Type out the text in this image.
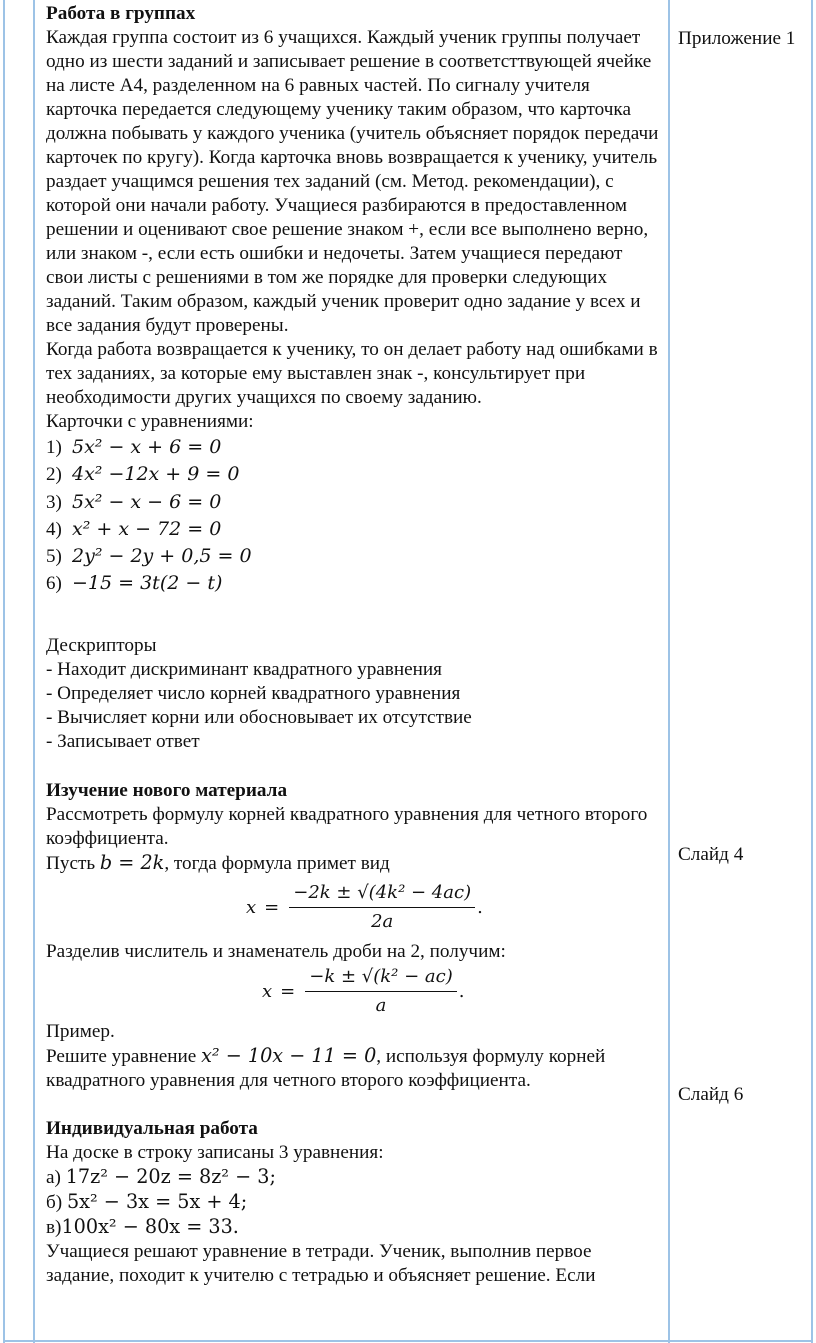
Работа в группах

Каждая группа состоит из 6 учащихся. Каждый ученик группы получает одно из шести заданий и записывает решение в соответсттвующей ячейке на листе А4, разделенном на 6 равных частей. По сигналу учителя карточка передается следующему ученику таким образом, что карточка должна побывать у каждого ученика (учитель объясняет порядок передачи карточек по кругу). Когда карточка вновь возвращается к ученику, учитель раздает учащимся решения тех заданий (см. Метод. рекомендации), с которой они начали работу. Учащиеся разбираются в предоставленном решении и оценивают свое решение знаком +, если все выполнено верно, или знаком -, если есть ошибки и недочеты. Затем учащиеся передают свои листы с решениями в том же порядке для проверки следующих заданий. Таким образом, каждый ученик проверит одно задание у всех и все задания будут проверены.

Когда работа возвращается к ученику, то он делает работу над ошибками в тех заданиях, за которые ему выставлен знак -, консультирует при необходимости других учащихся по своему заданию.

Карточки с уравнениями:

1) 5x² − x + 6 = 0
2) 4x² −12x + 9 = 0
3) 5x² − x − 6 = 0
4) x² + x − 72 = 0
5) 2y² − 2y + 0,5 = 0
6) −15 = 3t(2 − t)

Дескрипторы

- Находит дискриминант квадратного уравнения

- Определяет число корней квадратного уравнения

- Вычисляет корни или обосновывает их отсутствие

- Записывает ответ

Изучение нового материала

Рассмотреть формулу корней квадратного уравнения для четного второго коэффициента.

Пусть b = 2k, тогда формула примет вид

$x = \frac{\text{−2k ± √(4k² − 4ac)}}{2a}$ .

Разделив числитель и знаменатель дроби на 2, получим:

$x = \frac{\text{−k ± √(k² − ac)}}{a}$ .

Пример.

Решите уравнение x² − 10x − 11 = 0, используя формулу корней квадратного уравнения для четного второго коэффициента.

Индивидуальная работа

На доске в строку записаны 3 уравнения:

а) 17z² − 20z = 8z² − 3;

б) 5x² − 3x = 5x + 4;

в)100x² − 80x = 33.

Учащиеся решают уравнение в тетради. Ученик, выполнив первое задание, походит к учителю с тетрадью и объясняет решение. Если

Приложение 1
Слайд 4
Слайд 6
